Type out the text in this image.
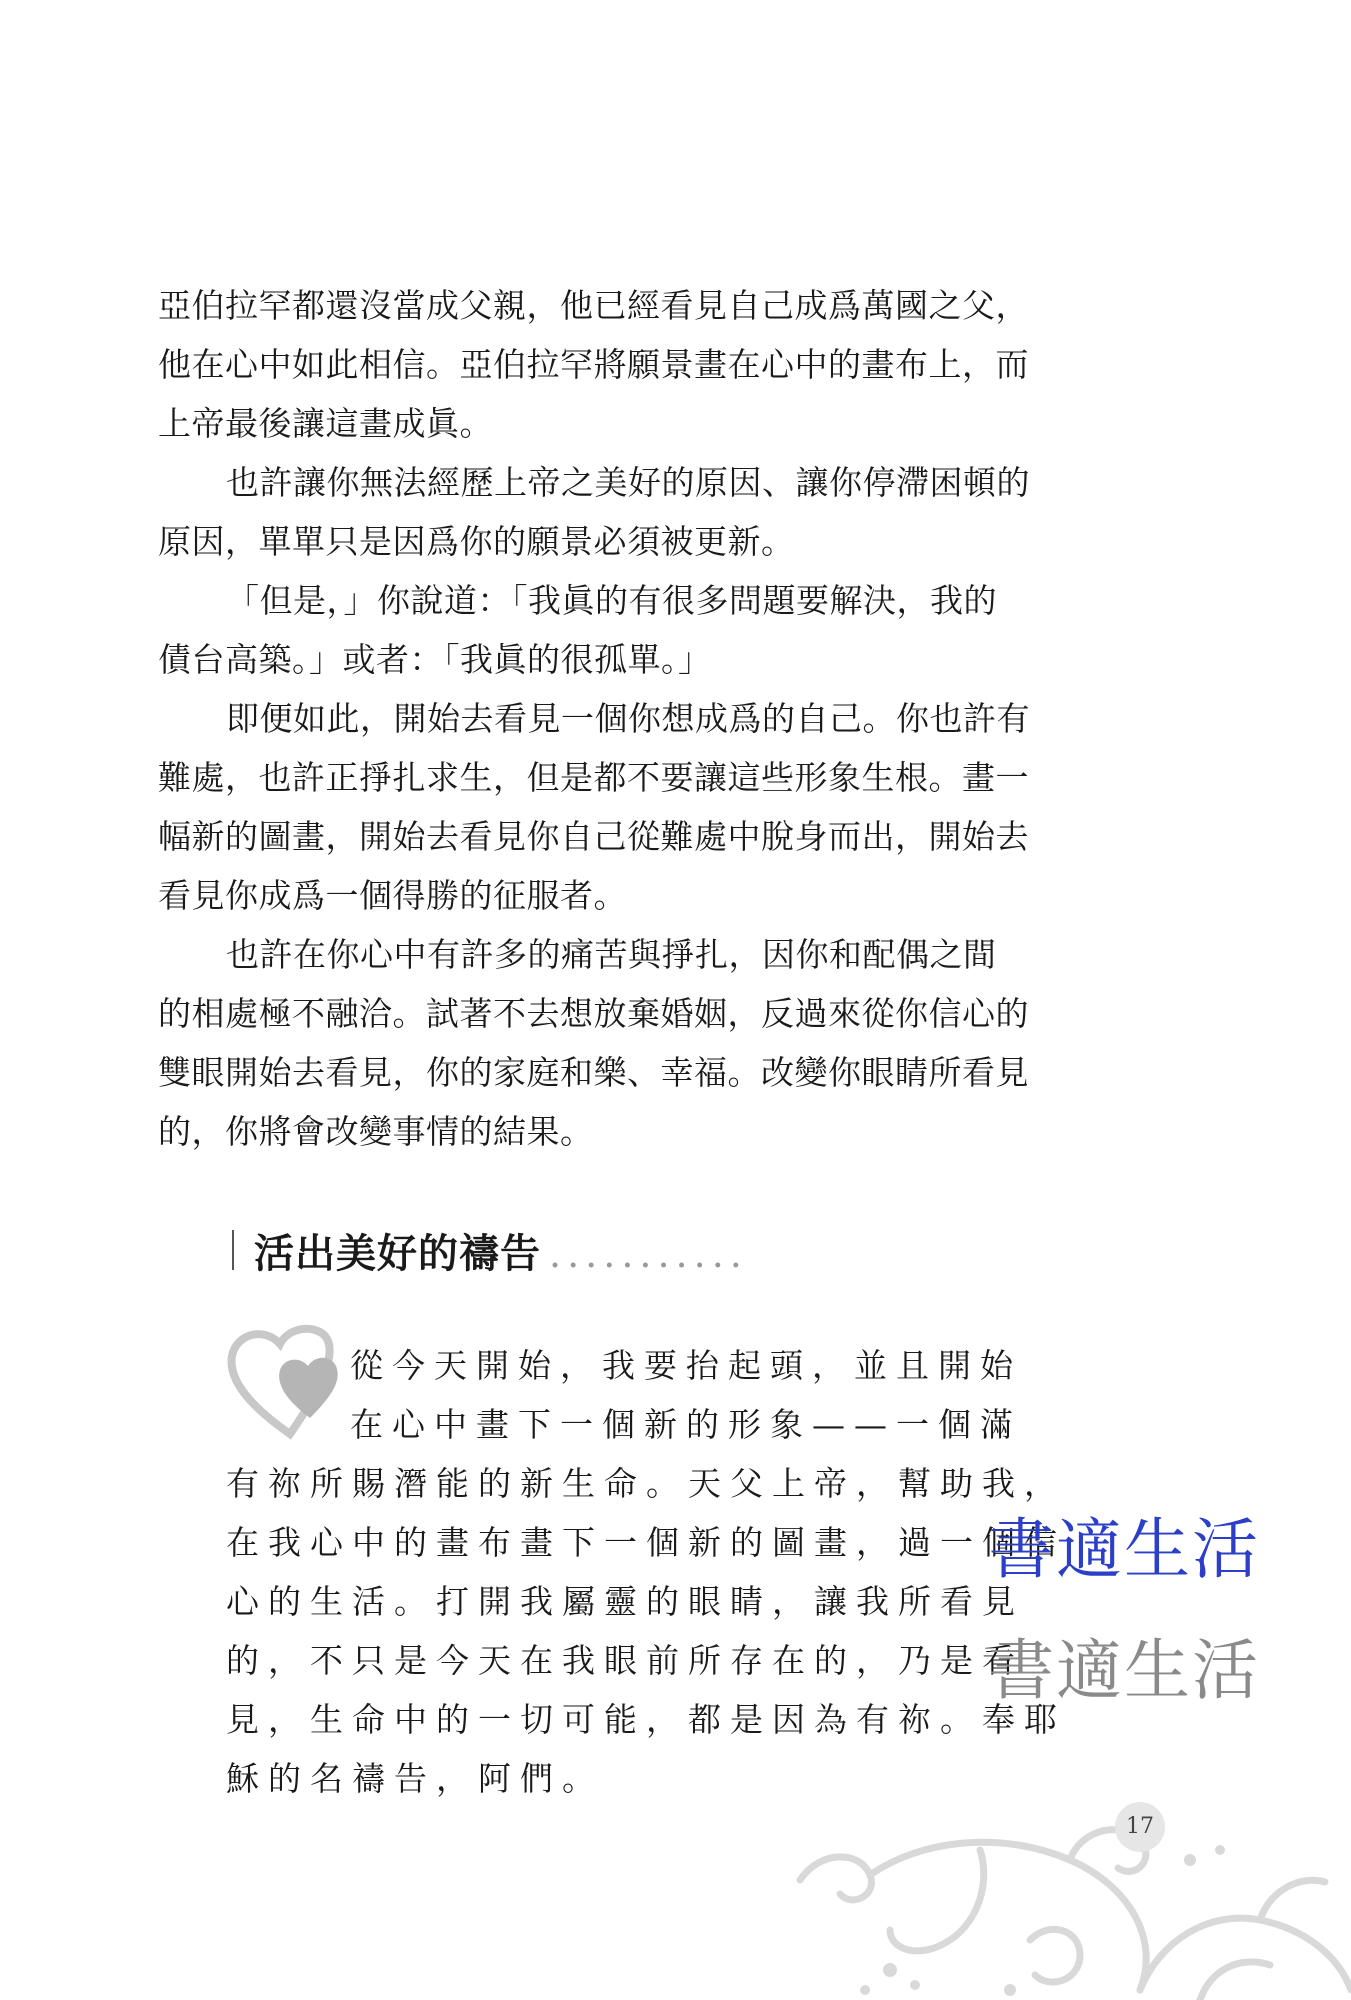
亞伯拉罕都還沒當成父親，他已經看見自己成爲萬國之父，
他在心中如此相信。亞伯拉罕將願景畫在心中的畫布上，而
上帝最後讓這畫成眞。
也許讓你無法經歷上帝之美好的原因、讓你停滯困頓的
原因，單單只是因爲你的願景必須被更新。
「但是，」你說道：「我眞的有很多問題要解決，我的
債台高築。」或者：「我眞的很孤單。」
即便如此，開始去看見一個你想成爲的自己。你也許有
難處，也許正掙扎求生，但是都不要讓這些形象生根。畫一
幅新的圖畫，開始去看見你自己從難處中脫身而出，開始去
看見你成爲一個得勝的征服者。
也許在你心中有許多的痛苦與掙扎，因你和配偶之間
的相處極不融洽。試著不去想放棄婚姻，反過來從你信心的
雙眼開始去看見，你的家庭和樂、幸福。改變你眼睛所看見
的，你將會改變事情的結果。
活出美好的禱告 ...........
從今天開始，我要抬起頭，並且開始
在心中畫下一個新的形象——一個滿
有祢所賜潛能的新生命。天父上帝，幫助我，
在我心中的畫布畫下一個新的圖畫，過一個信
心的生活。打開我屬靈的眼睛，讓我所看見
的，不只是今天在我眼前所存在的，乃是看
見，生命中的一切可能，都是因為有祢。奉耶
穌的名禱告，阿們。
書適生活
書適生活
17
